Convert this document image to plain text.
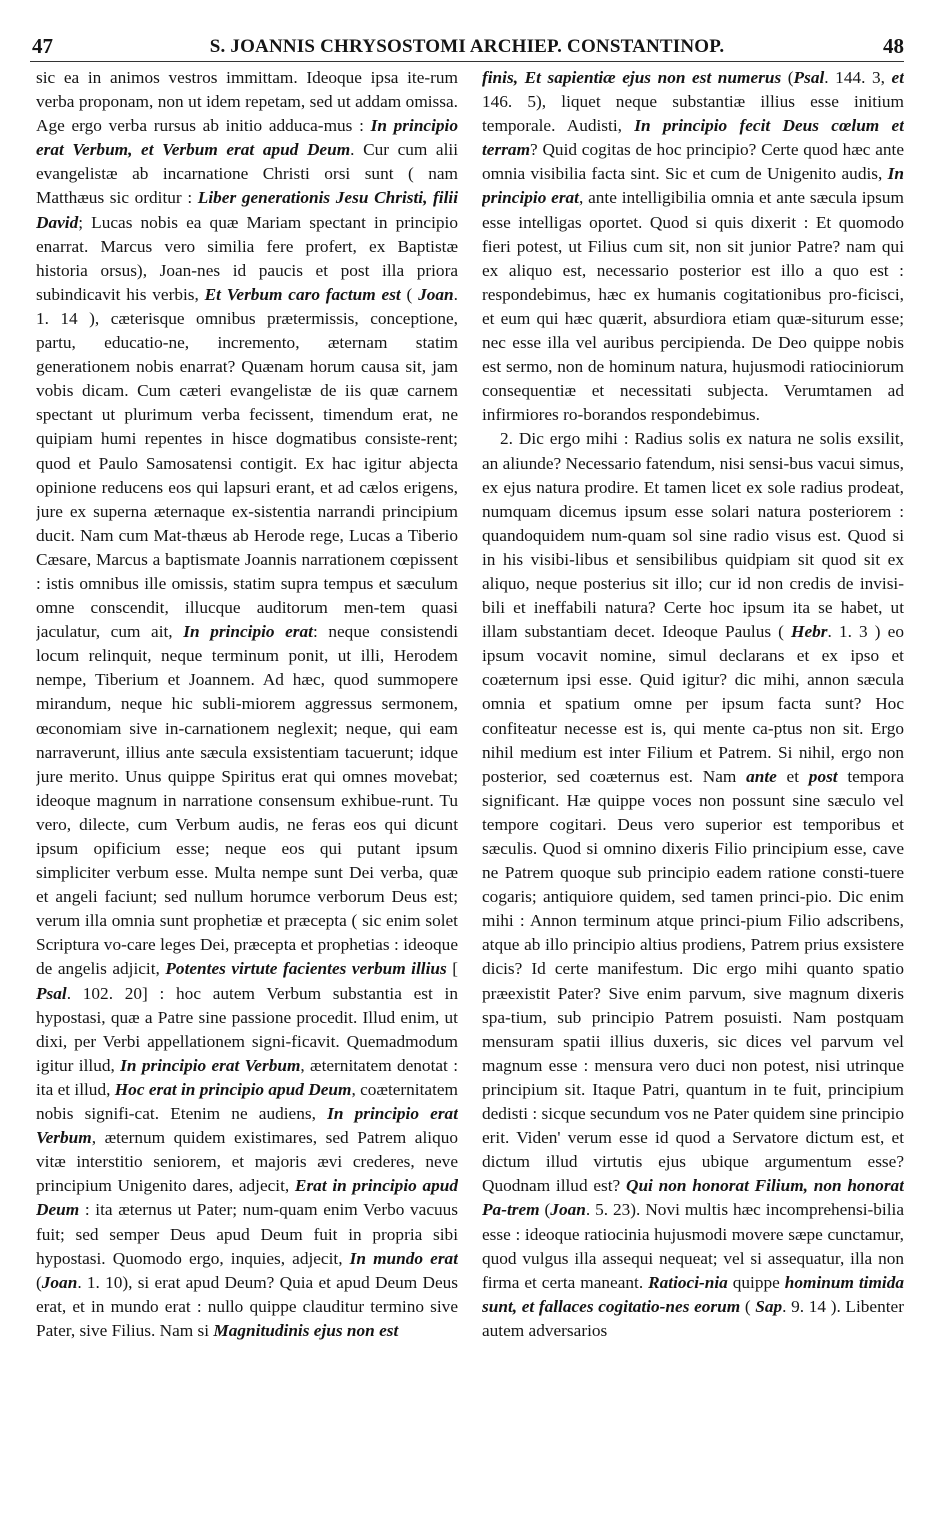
47	S. JOANNIS CHRYSOSTOMI ARCHIEP. CONSTANTINOP.	48

sic ea in animos vestros immittam. Ideoque ipsa ite-rum verba proponam, non ut idem repetam, sed ut addam omissa. Age ergo verba rursus ab initio adduca-mus : In principio erat Verbum, et Verbum erat apud Deum. Cur cum alii evangelistæ ab incarnatione Christi orsi sunt ( nam Matthæus sic orditur : Liber generationis Jesu Christi, filii David; Lucas nobis ea quæ Mariam spectant in principio enarrat. Marcus vero similia fere profert, ex Baptistæ historia orsus), Joan-nes id paucis et post illa priora subindicavit his verbis, Et Verbum caro factum est ( Joan. 1. 14 ), cæterisque omnibus prætermissis, conceptione, partu, educatio-ne, incremento, æternam statim generationem nobis enarrat? Quænam horum causa sit, jam vobis dicam. Cum cæteri evangelistæ de iis quæ carnem spectant ut plurimum verba fecissent, timendum erat, ne quipiam humi repentes in hisce dogmatibus consiste-rent; quod et Paulo Samosatensi contigit. Ex hac igitur abjecta opinione reducens eos qui lapsuri erant, et ad cælos erigens, jure ex superna æternaque ex-sistentia narrandi principium ducit. Nam cum Mat-thæus ab Herode rege, Lucas a Tiberio Cæsare, Marcus a baptismate Joannis narrationem cœpissent : istis omnibus ille omissis, statim supra tempus et sæculum omne conscendit, illucque auditorum men-tem quasi jaculatur, cum ait, In principio erat: neque consistendi locum relinquit, neque terminum ponit, ut illi, Herodem nempe, Tiberium et Joannem. Ad hæc, quod summopere mirandum, neque hic subli-miorem aggressus sermonem, œconomiam sive in-carnationem neglexit; neque, qui eam narraverunt, illius ante sæcula exsistentiam tacuerunt; idque jure merito. Unus quippe Spiritus erat qui omnes movebat; ideoque magnum in narratione consensum exhibue-runt. Tu vero, dilecte, cum Verbum audis, ne feras eos qui dicunt ipsum opificium esse; neque eos qui putant ipsum simpliciter verbum esse. Multa nempe sunt Dei verba, quæ et angeli faciunt; sed nullum horumce verborum Deus est; verum illa omnia sunt prophetiæ et præcepta ( sic enim solet Scriptura vo-care leges Dei, præcepta et prophetias : ideoque de angelis adjicit, Potentes virtute facientes verbum illius [ Psal. 102. 20] : hoc autem Verbum substantia est in hypostasi, quæ a Patre sine passione procedit. Illud enim, ut dixi, per Verbi appellationem signi-ficavit. Quemadmodum igitur illud, In principio erat Verbum, æternitatem denotat : ita et illud, Hoc erat in principio apud Deum, coæternitatem nobis signifi-cat. Etenim ne audiens, In principio erat Verbum, æternum quidem existimares, sed Patrem aliquo vitæ interstitio seniorem, et majoris ævi crederes, neve principium Unigenito dares, adjecit, Erat in principio apud Deum : ita æternus ut Pater; num-quam enim Verbo vacuus fuit; sed semper Deus apud Deum fuit in propria sibi hypostasi. Quomodo ergo, inquies, adjecit, In mundo erat (Joan. 1. 10), si erat apud Deum? Quia et apud Deum Deus erat, et in mundo erat : nullo quippe clauditur termino sive Pater, sive Filius. Nam si Magnitudinis ejus non est

finis, Et sapientiæ ejus non est numerus (Psal. 144. 3, et 146. 5), liquet neque substantiæ illius esse initium temporale. Audisti, In principio fecit Deus cœlum et terram? Quid cogitas de hoc principio? Certe quod hæc ante omnia visibilia facta sint. Sic et cum de Unigenito audis, In principio erat, ante intelligibilia omnia et ante sæcula ipsum esse intelligas oportet. Quod si quis dixerit : Et quomodo fieri potest, ut Filius cum sit, non sit junior Patre? nam qui ex aliquo est, necessario posterior est illo a quo est : respondebimus, hæc ex humanis cogitationibus pro-ficisci, et eum qui hæc quærit, absurdiora etiam quæ-siturum esse; nec esse illa vel auribus percipienda. De Deo quippe nobis est sermo, non de hominum natura, hujusmodi ratiociniorum consequentiæ et necessitati subjecta. Verumtamen ad infirmiores ro-borandos respondebimus.

2. Dic ergo mihi : Radius solis ex natura ne solis exsilit, an aliunde? Necessario fatendum, nisi sensi-bus vacui simus, ex ejus natura prodire. Et tamen licet ex sole radius prodeat, numquam dicemus ipsum esse solari natura posteriorem : quandoquidem num-quam sol sine radio visus est. Quod si in his visibi-libus et sensibilibus quidpiam sit quod sit ex aliquo, neque posterius sit illo; cur id non credis de invisi-bili et ineffabili natura? Certe hoc ipsum ita se habet, ut illam substantiam decet. Ideoque Paulus ( Hebr. 1. 3 ) eo ipsum vocavit nomine, simul declarans et ex ipso et coæternum ipsi esse. Quid igitur? dic mihi, annon sæcula omnia et spatium omne per ipsum facta sunt? Hoc confiteatur necesse est is, qui mente ca-ptus non sit. Ergo nihil medium est inter Filium et Patrem. Si nihil, ergo non posterior, sed coæternus est. Nam ante et post tempora significant. Hæ quippe voces non possunt sine sæculo vel tempore cogitari. Deus vero superior est temporibus et sæculis. Quod si omnino dixeris Filio principium esse, cave ne Patrem quoque sub principio eadem ratione consti-tuere cogaris; antiquiore quidem, sed tamen princi-pio. Dic enim mihi : Annon terminum atque princi-pium Filio adscribens, atque ab illo principio altius prodiens, Patrem prius exsistere dicis? Id certe manifestum. Dic ergo mihi quanto spatio præexistit Pater? Sive enim parvum, sive magnum dixeris spa-tium, sub principio Patrem posuisti. Nam postquam mensuram spatii illius duxeris, sic dices vel parvum vel magnum esse : mensura vero duci non potest, nisi utrinque principium sit. Itaque Patri, quantum in te fuit, principium dedisti : sicque secundum vos ne Pater quidem sine principio erit. Viden' verum esse id quod a Servatore dictum est, et dictum illud virtutis ejus ubique argumentum esse? Quodnam illud est? Qui non honorat Filium, non honorat Pa-trem (Joan. 5. 23). Novi multis hæc incomprehensi-bilia esse : ideoque ratiocinia hujusmodi movere sæpe cunctamur, quod vulgus illa assequi nequeat; vel si assequatur, illa non firma et certa maneant. Ratioci-nia quippe hominum timida sunt, et fallaces cogitatio-nes eorum ( Sap. 9. 14 ). Libenter autem adversarios
